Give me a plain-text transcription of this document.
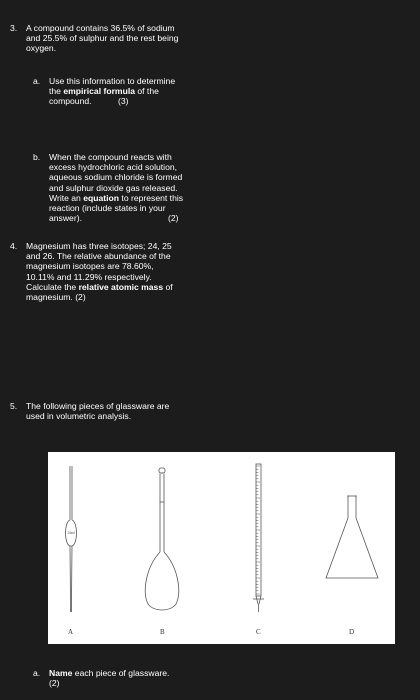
3. A compound contains 36.5% of sodium
and 25.5% of sulphur and the rest being
oxygen.
a. Use this information to determine
the empirical formula of the
compound.	(3)
b. When the compound reacts with
excess hydrochloric acid solution,
aqueous sodium chloride is formed
and sulphur dioxide gas released.
Write an equation to represent this
reaction (include states in your
answer).	(2)
4. Magnesium has three isotopes; 24, 25
and 26. The relative abundance of the
magnesium isotopes are 78.60%,
10.11% and 11.29% respectively.
Calculate the relative atomic mass of
magnesium. (2)
5. The following pieces of glassware are
used in volumetric analysis.
25ml
A	B	C	D
a. Name each piece of glassware.
(2)
